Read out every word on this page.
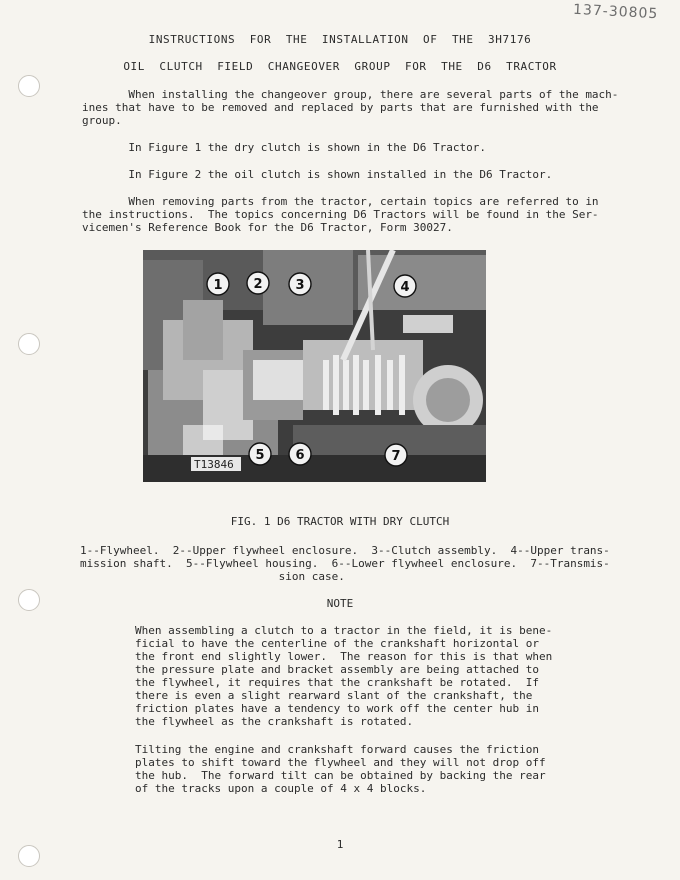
137-30805
INSTRUCTIONS  FOR  THE  INSTALLATION  OF  THE  3H7176
OIL  CLUTCH  FIELD  CHANGEOVER  GROUP  FOR  THE  D6  TRACTOR
When installing the changeover group, there are several parts of the mach-
ines that have to be removed and replaced by parts that are furnished with the
group.
In Figure 1 the dry clutch is shown in the D6 Tractor.
In Figure 2 the oil clutch is shown installed in the D6 Tractor.
When removing parts from the tractor, certain topics are referred to in
the instructions.  The topics concerning D6 Tractors will be found in the Ser-
vicemen's Reference Book for the D6 Tractor, Form 30027.
T13846
1 2	3	4
5 6	7
FIG. 1 D6 TRACTOR WITH DRY CLUTCH
1--Flywheel.  2--Upper flywheel enclosure.  3--Clutch assembly.  4--Upper trans-
mission shaft.  5--Flywheel housing.  6--Lower flywheel enclosure.  7--Transmis-
sion case.
NOTE
When assembling a clutch to a tractor in the field, it is bene-
ficial to have the centerline of the crankshaft horizontal or
the front end slightly lower.  The reason for this is that when
the pressure plate and bracket assembly are being attached to
the flywheel, it requires that the crankshaft be rotated.  If
there is even a slight rearward slant of the crankshaft, the
friction plates have a tendency to work off the center hub in
the flywheel as the crankshaft is rotated.
Tilting the engine and crankshaft forward causes the friction
plates to shift toward the flywheel and they will not drop off
the hub.  The forward tilt can be obtained by backing the rear
of the tracks upon a couple of 4 x 4 blocks.
1
